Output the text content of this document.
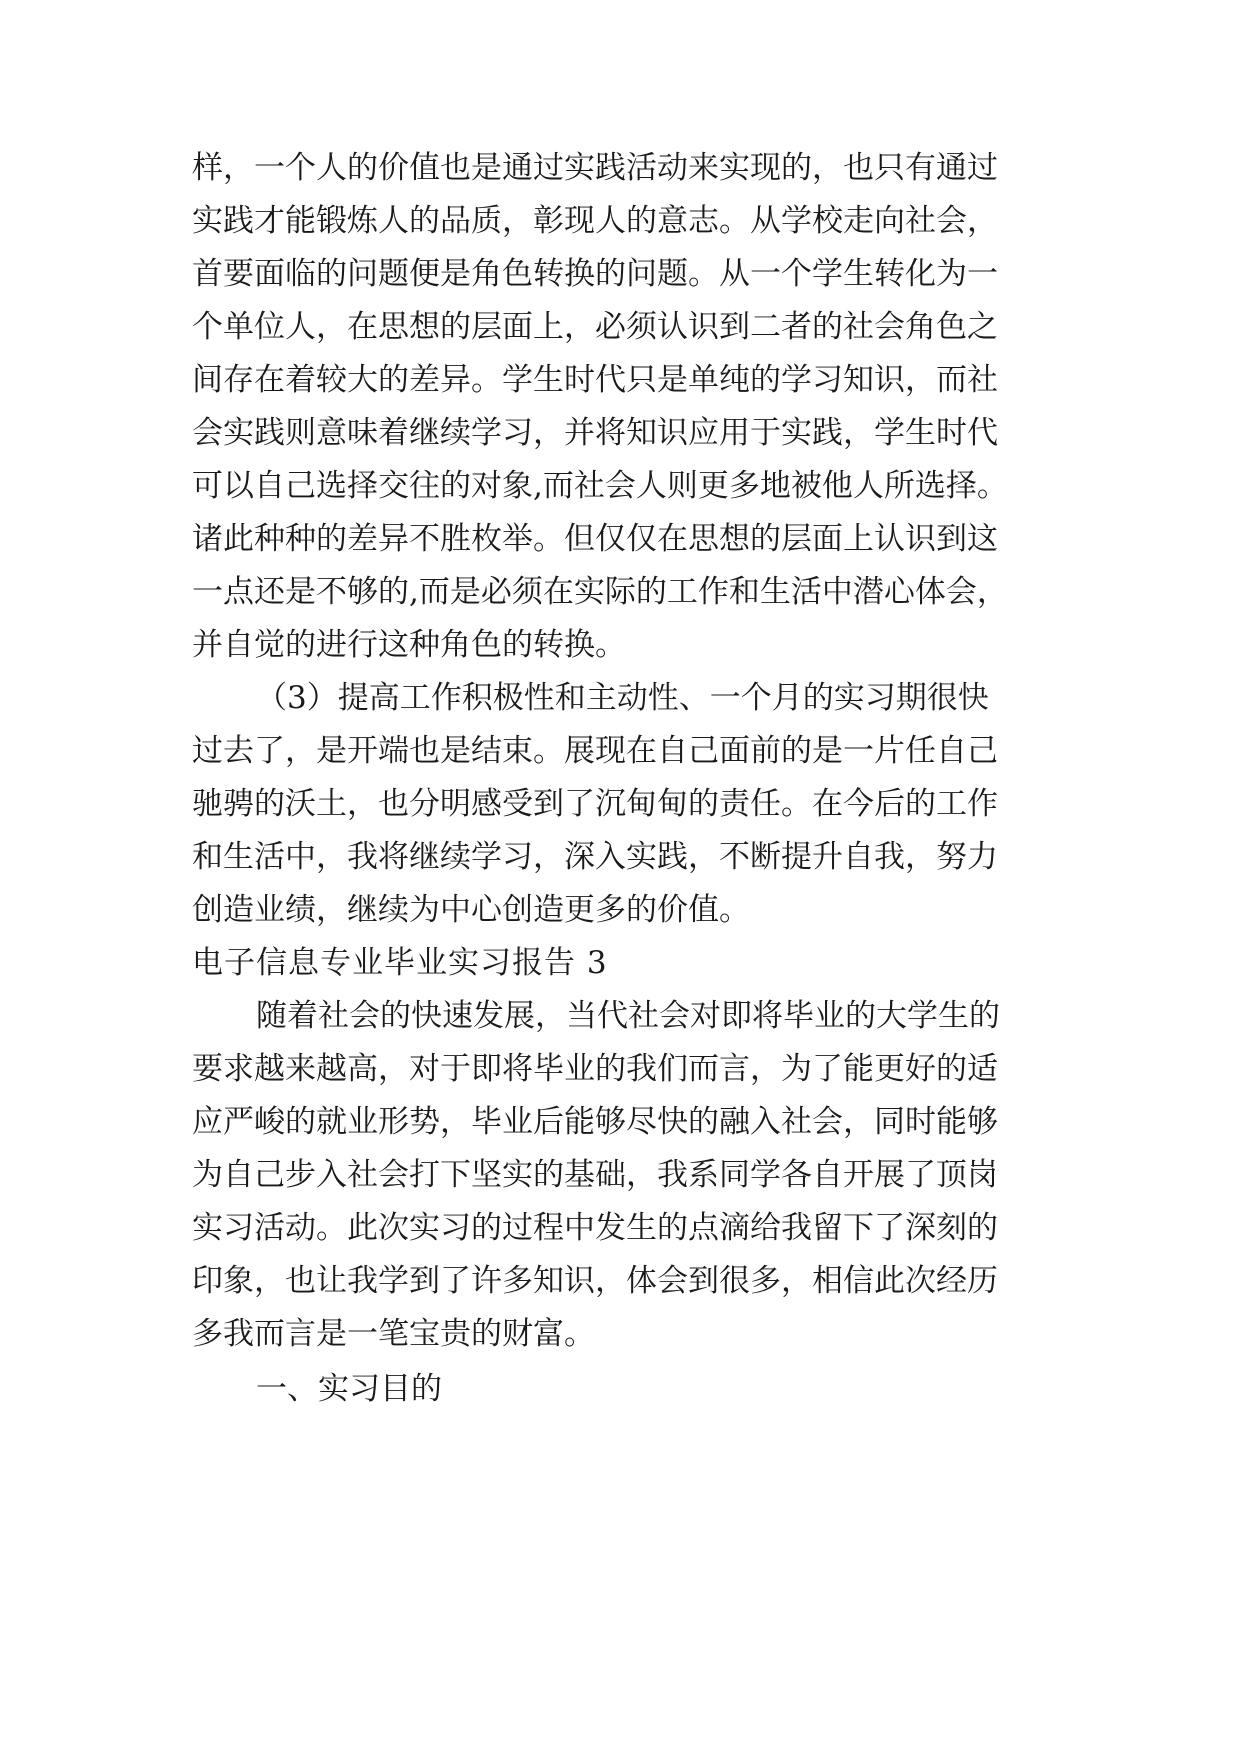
样，一个人的价值也是通过实践活动来实现的，也只有通过
实践才能锻炼人的品质，彰现人的意志。从学校走向社会，
首要面临的问题便是角色转换的问题。从一个学生转化为一
个单位人，在思想的层面上，必须认识到二者的社会角色之
间存在着较大的差异。学生时代只是单纯的学习知识，而社
会实践则意味着继续学习，并将知识应用于实践，学生时代
可以自己选择交往的对象,而社会人则更多地被他人所选择。
诸此种种的差异不胜枚举。但仅仅在思想的层面上认识到这
一点还是不够的,而是必须在实际的工作和生活中潜心体会，
并自觉的进行这种角色的转换。
（3）提高工作积极性和主动性、一个月的实习期很快
过去了，是开端也是结束。展现在自己面前的是一片任自己
驰骋的沃土，也分明感受到了沉甸甸的责任。在今后的工作
和生活中，我将继续学习，深入实践，不断提升自我，努力
创造业绩，继续为中心创造更多的价值。
电子信息专业毕业实习报告 3
随着社会的快速发展，当代社会对即将毕业的大学生的
要求越来越高，对于即将毕业的我们而言，为了能更好的适
应严峻的就业形势，毕业后能够尽快的融入社会，同时能够
为自己步入社会打下坚实的基础，我系同学各自开展了顶岗
实习活动。此次实习的过程中发生的点滴给我留下了深刻的
印象，也让我学到了许多知识，体会到很多，相信此次经历
多我而言是一笔宝贵的财富。
一、实习目的
